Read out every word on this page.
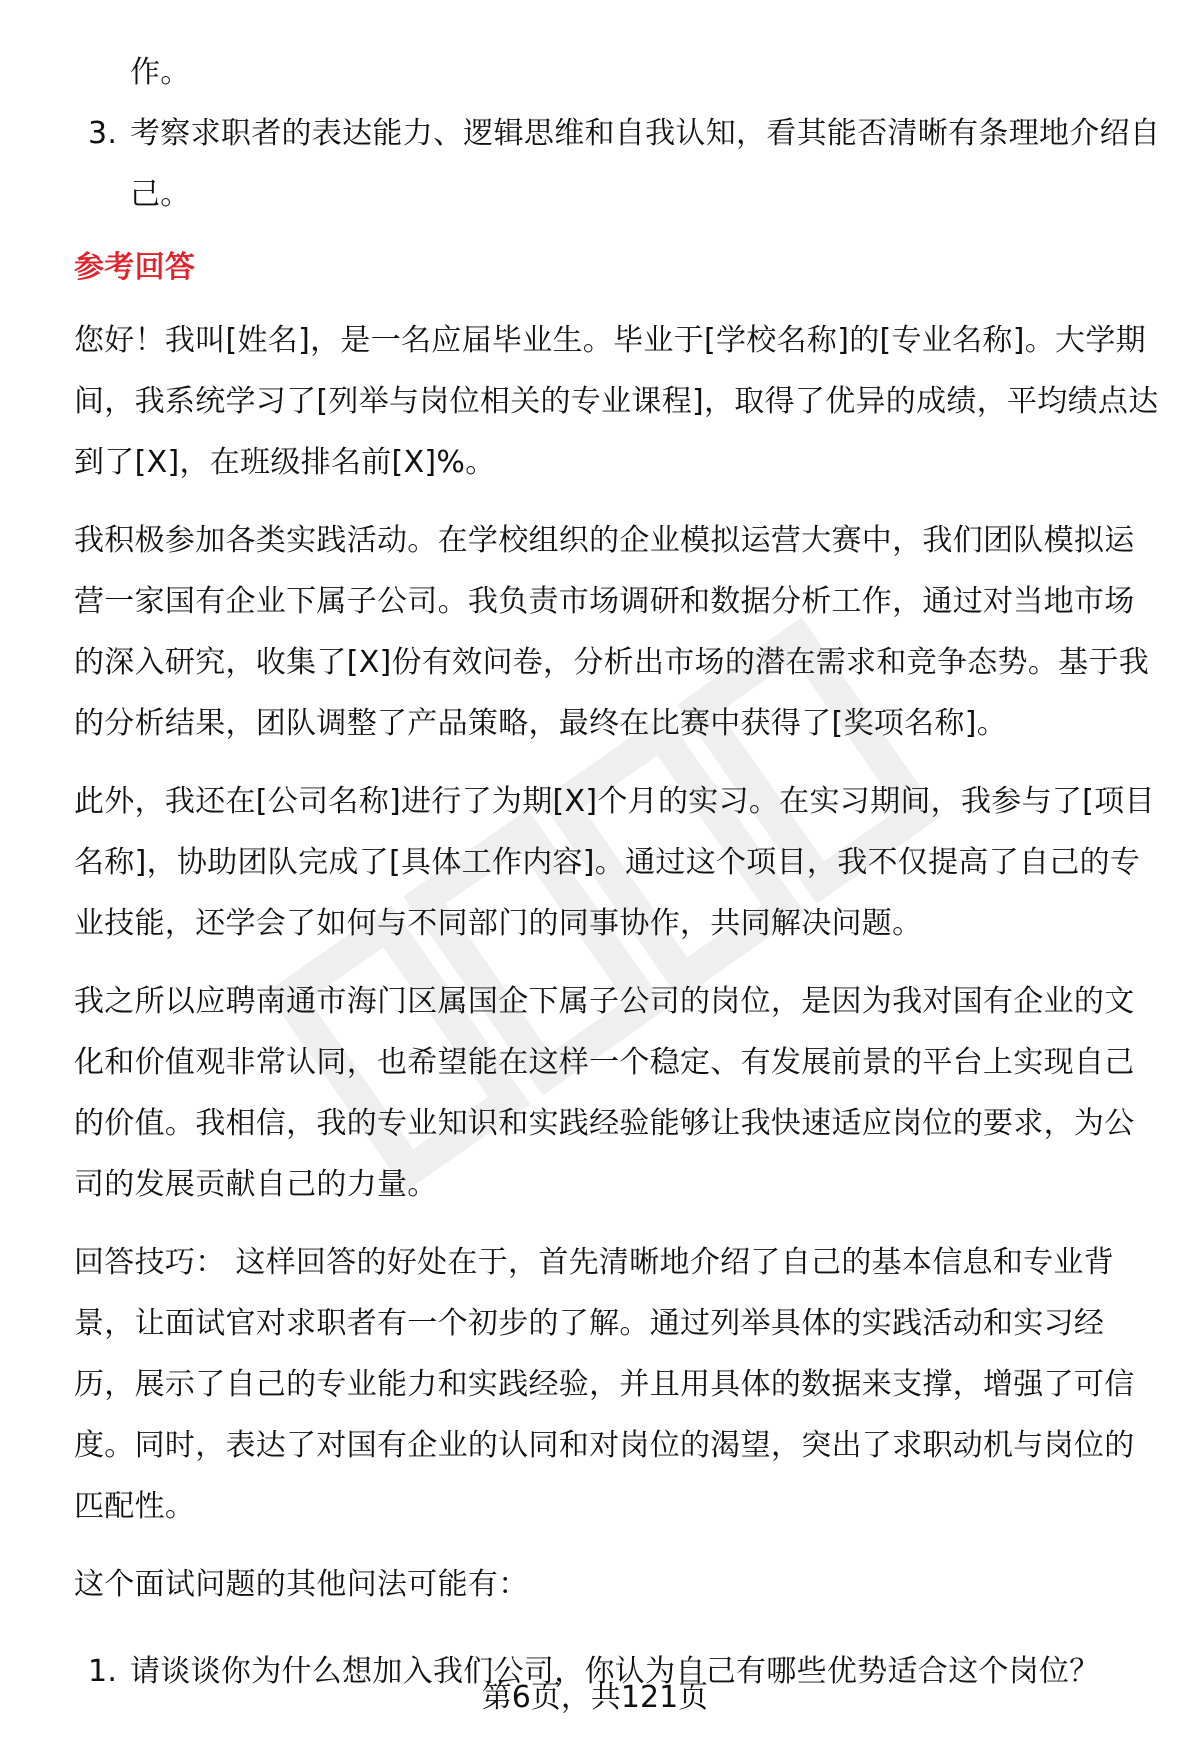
作。
3. 考察求职者的表达能力、逻辑思维和自我认知，看其能否清晰有条理地介绍自己。
参考回答

您好！我叫[姓名]，是一名应届毕业生。毕业于[学校名称]的[专业名称]。大学期间，我系统学习了[列举与岗位相关的专业课程]，取得了优异的成绩，平均绩点达到了[X]，在班级排名前[X]%。

我积极参加各类实践活动。在学校组织的企业模拟运营大赛中，我们团队模拟运营一家国有企业下属子公司。我负责市场调研和数据分析工作，通过对当地市场的深入研究，收集了[X]份有效问卷，分析出市场的潜在需求和竞争态势。基于我的分析结果，团队调整了产品策略，最终在比赛中获得了[奖项名称]。

此外，我还在[公司名称]进行了为期[X]个月的实习。在实习期间，我参与了[项目名称]，协助团队完成了[具体工作内容]。通过这个项目，我不仅提高了自己的专业技能，还学会了如何与不同部门的同事协作，共同解决问题。

我之所以应聘南通市海门区属国企下属子公司的岗位，是因为我对国有企业的文化和价值观非常认同，也希望能在这样一个稳定、有发展前景的平台上实现自己的价值。我相信，我的专业知识和实践经验能够让我快速适应岗位的要求，为公司的发展贡献自己的力量。

回答技巧： 这样回答的好处在于，首先清晰地介绍了自己的基本信息和专业背景，让面试官对求职者有一个初步的了解。通过列举具体的实践活动和实习经历，展示了自己的专业能力和实践经验，并且用具体的数据来支撑，增强了可信度。同时，表达了对国有企业的认同和对岗位的渴望，突出了求职动机与岗位的匹配性。

这个面试问题的其他问法可能有：

1. 请谈谈你为什么想加入我们公司，你认为自己有哪些优势适合这个岗位？
第6页，共121页
